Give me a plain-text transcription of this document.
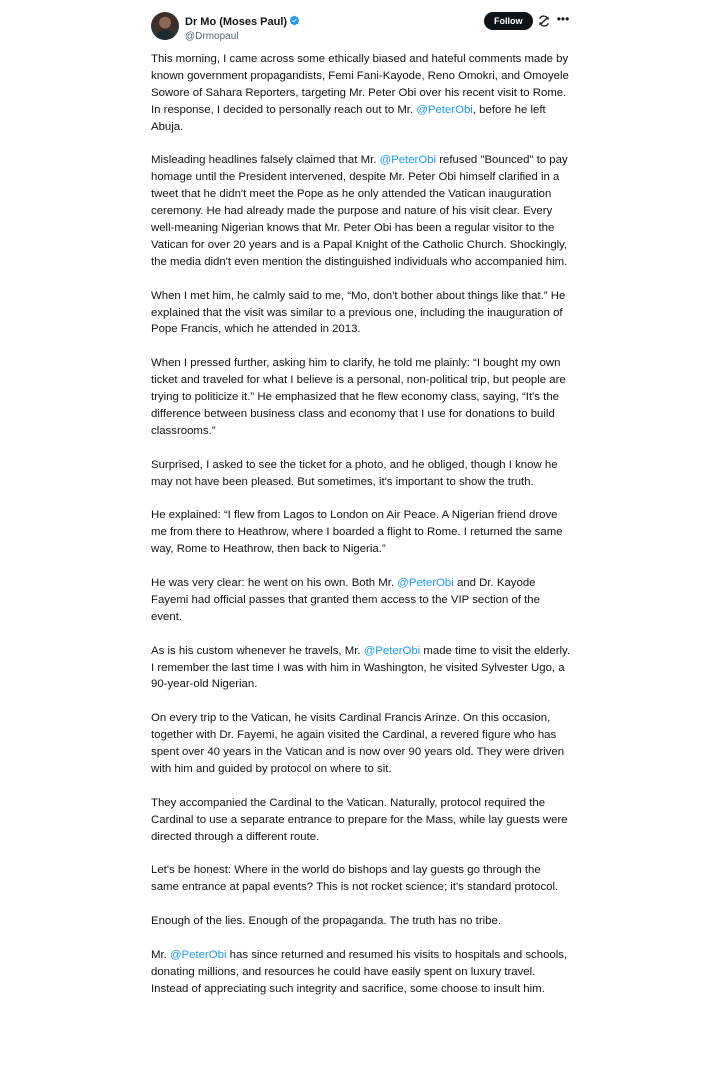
Dr Mo (Moses Paul)
@Drmopaul
Follow	•••

This morning, I came across some ethically biased and hateful comments made by known government propagandists, Femi Fani-Kayode, Reno Omokri, and Omoyele Sowore of Sahara Reporters, targeting Mr. Peter Obi over his recent visit to Rome. In response, I decided to personally reach out to Mr. @PeterObi, before he left Abuja.

Misleading headlines falsely claimed that Mr. @PeterObi refused "Bounced" to pay homage until the President intervened, despite Mr. Peter Obi himself clarified in a tweet that he didn't meet the Pope as he only attended the Vatican inauguration ceremony. He had already made the purpose and nature of his visit clear. Every well-meaning Nigerian knows that Mr. Peter Obi has been a regular visitor to the Vatican for over 20 years and is a Papal Knight of the Catholic Church. Shockingly, the media didn't even mention the distinguished individuals who accompanied him.

When I met him, he calmly said to me, “Mo, don't bother about things like that.” He explained that the visit was similar to a previous one, including the inauguration of Pope Francis, which he attended in 2013.

When I pressed further, asking him to clarify, he told me plainly: “I bought my own ticket and traveled for what I believe is a personal, non-political trip, but people are trying to politicize it.” He emphasized that he flew economy class, saying, “It's the difference between business class and economy that I use for donations to build classrooms.”

Surprised, I asked to see the ticket for a photo, and he obliged, though I know he may not have been pleased. But sometimes, it's important to show the truth.

He explained: “I flew from Lagos to London on Air Peace. A Nigerian friend drove me from there to Heathrow, where I boarded a flight to Rome. I returned the same way, Rome to Heathrow, then back to Nigeria.”

He was very clear: he went on his own. Both Mr. @PeterObi and Dr. Kayode Fayemi had official passes that granted them access to the VIP section of the event.

As is his custom whenever he travels, Mr. @PeterObi made time to visit the elderly. I remember the last time I was with him in Washington, he visited Sylvester Ugo, a 90-year-old Nigerian.

On every trip to the Vatican, he visits Cardinal Francis Arinze. On this occasion, together with Dr. Fayemi, he again visited the Cardinal, a revered figure who has spent over 40 years in the Vatican and is now over 90 years old. They were driven with him and guided by protocol on where to sit.

They accompanied the Cardinal to the Vatican. Naturally, protocol required the Cardinal to use a separate entrance to prepare for the Mass, while lay guests were directed through a different route.

Let's be honest: Where in the world do bishops and lay guests go through the same entrance at papal events? This is not rocket science; it's standard protocol.

Enough of the lies. Enough of the propaganda. The truth has no tribe.

Mr. @PeterObi has since returned and resumed his visits to hospitals and schools, donating millions, and resources he could have easily spent on luxury travel. Instead of appreciating such integrity and sacrifice, some choose to insult him.
